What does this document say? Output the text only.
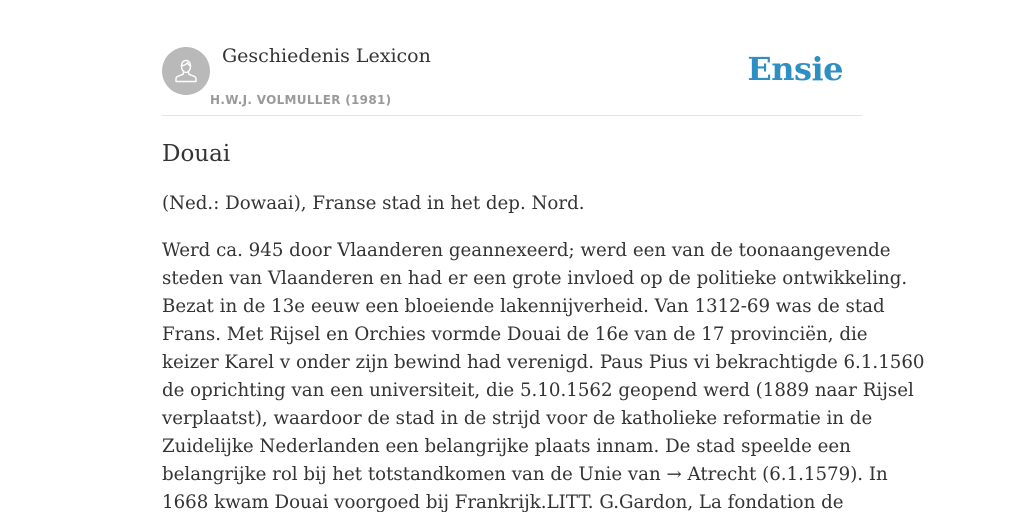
Geschiedenis Lexicon
H.W.J. VOLMULLER (1981)
Ensie
Douai

(Ned.: Dowaai), Franse stad in het dep. Nord.

Werd ca. 945 door Vlaanderen geannexeerd; werd een van de toonaangevende
steden van Vlaanderen en had er een grote invloed op de politieke ontwikkeling.
Bezat in de 13e eeuw een bloeiende lakennijverheid. Van 1312-69 was de stad
Frans. Met Rijsel en Orchies vormde Douai de 16e van de 17 provinciën, die
keizer Karel v onder zijn bewind had verenigd. Paus Pius vi bekrachtigde 6.1.1560
de oprichting van een universiteit, die 5.10.1562 geopend werd (1889 naar Rijsel
verplaatst), waardoor de stad in de strijd voor de katholieke reformatie in de
Zuidelijke Nederlanden een belangrijke plaats innam. De stad speelde een
belangrijke rol bij het totstandkomen van de Unie van → Atrecht (6.1.1579). In
1668 kwam Douai voorgoed bij Frankrijk.LITT. G.Gardon, La fondation de
